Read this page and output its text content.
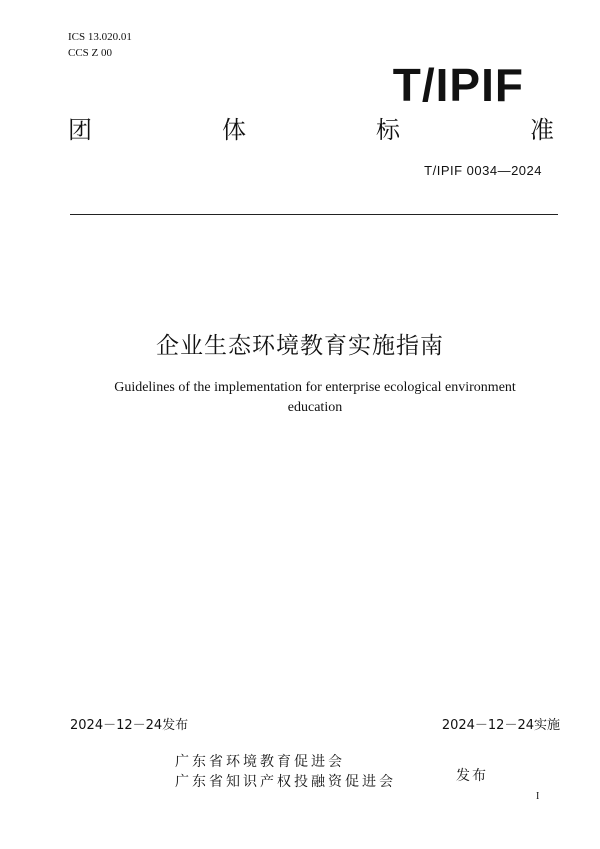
ICS 13.020.01
CCS Z 00
T/IPIF
团	体	标	准
T/IPIF 0034—2024
企业生态环境教育实施指南
Guidelines of the implementation for enterprise ecological environment education
2024－12－24发布	2024－12－24实施
广东省环境教育促进会
广东省知识产权投融资促进会	发布
I
